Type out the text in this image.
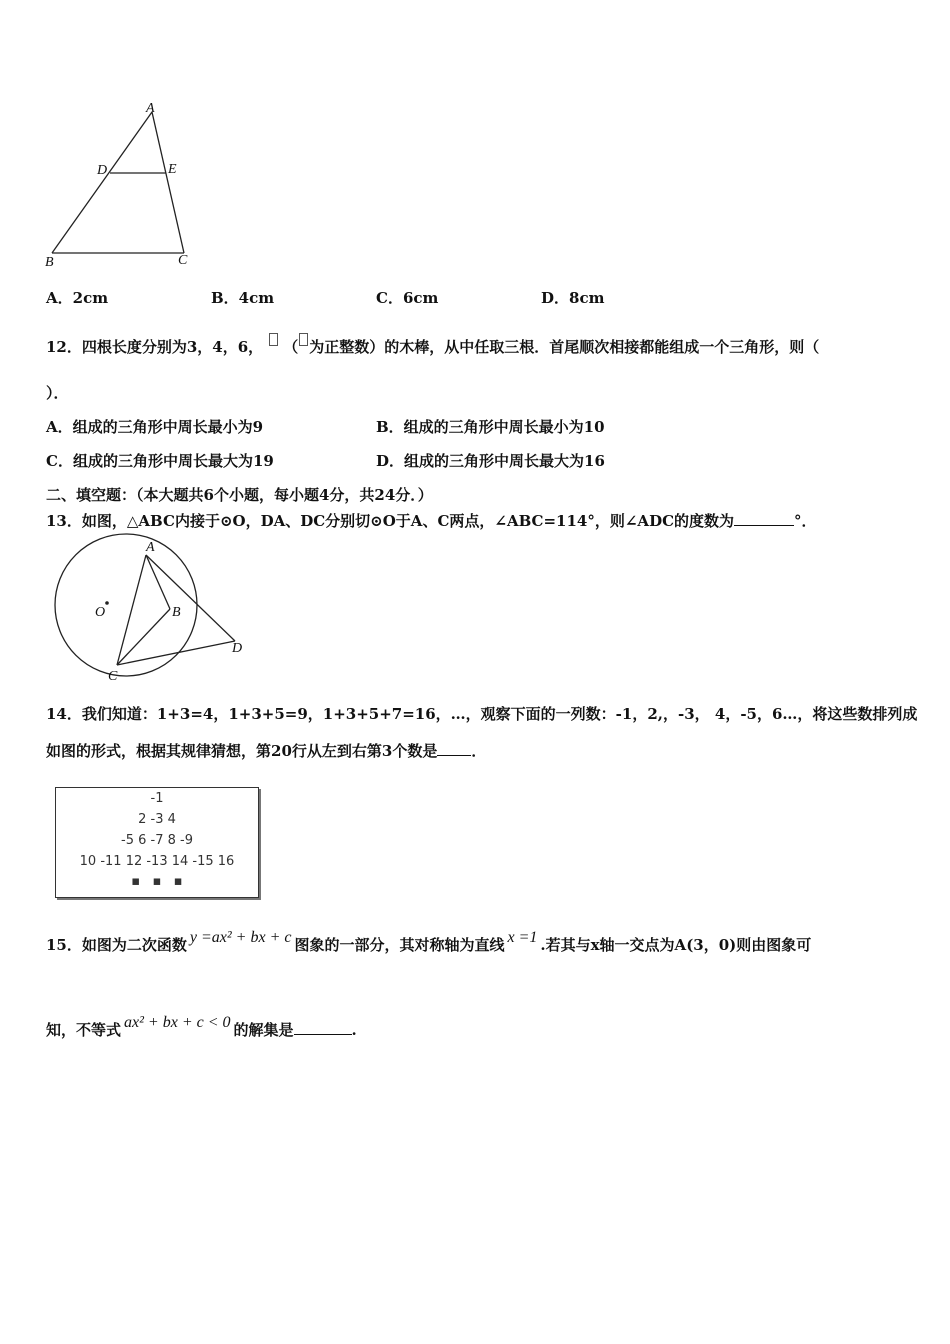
A
D	E
B	C
A．2cm	B．4cm	C．6cm	D．8cm
12．四根长度分别为3，4，6， （ 为正整数）的木棒，从中任取三根．首尾顺次相接都能组成一个三角形，则（
）．
A．组成的三角形中周长最小为9	B．组成的三角形中周长最小为10
C．组成的三角形中周长最大为19	D．组成的三角形中周长最大为16
二、填空题：（本大题共6个小题，每小题4分，共24分．）
13．如图，△ABC内接于⊙O，DA、DC分别切⊙O于A、C两点，∠ABC=114°，则∠ADC的度数为	°．
A
O	B
D
C
14．我们知道：1+3=4，1+3+5=9，1+3+5+7=16，…，观察下面的一列数：-1，2,，-3， 4，-5，6…，将这些数排列成
如图的形式，根据其规律猜想，第20行从左到右第3个数是 ．
-1
2 -3 4
-5 6 -7 8 -9
10 -11 12 -13 14 -15 16
▪   ▪   ▪
15．如图为二次函数 y =ax² + bx + c 图象的一部分，其对称轴为直线 x =1 .若其与x轴一交点为A(3，0)则由图象可
知，不等式 ax² + bx + c < 0 的解集是	.
